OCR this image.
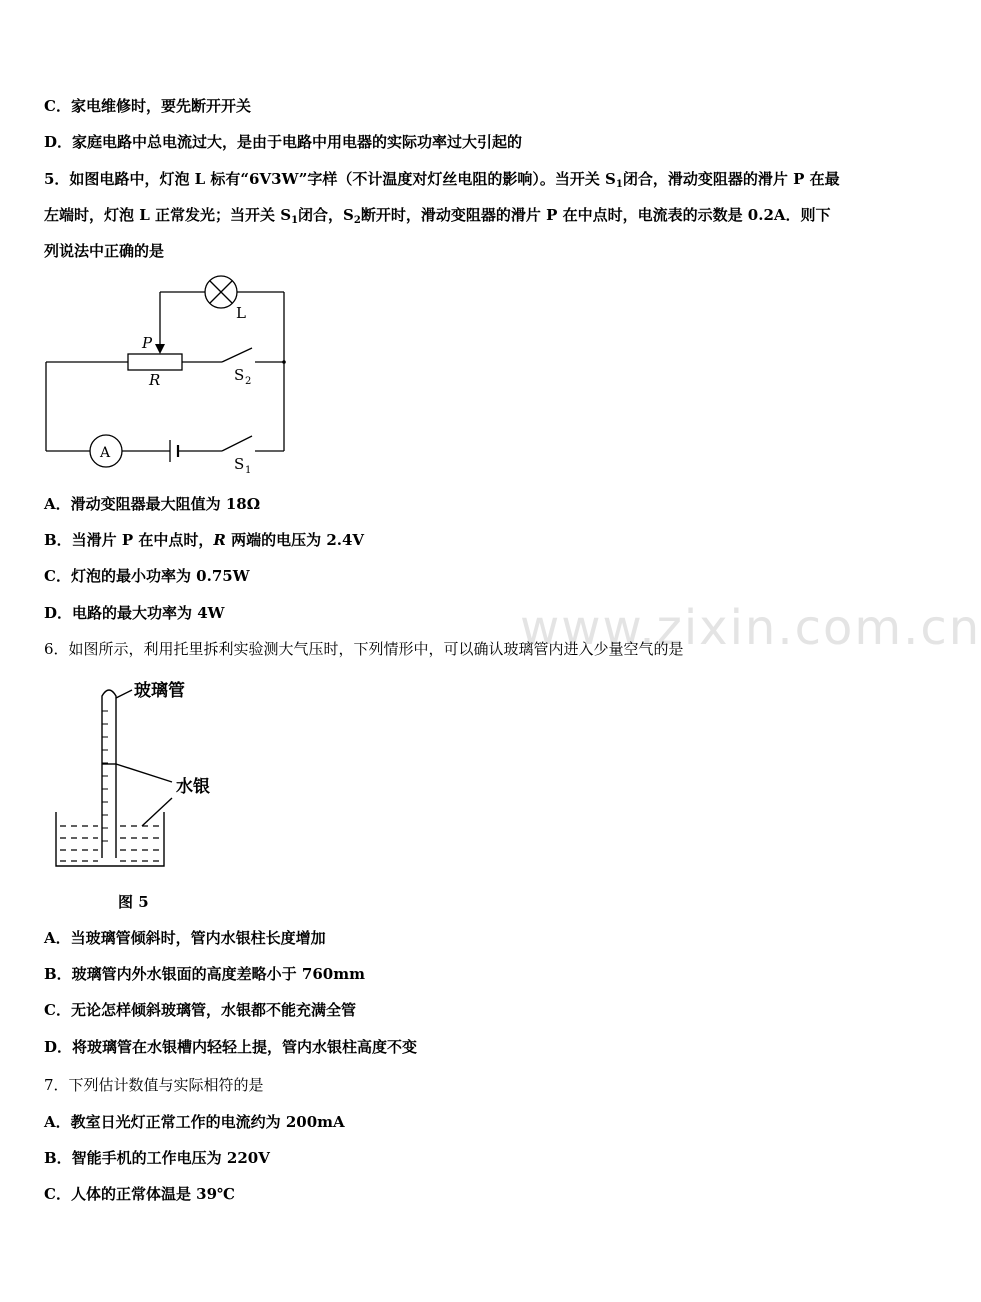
www.zixin.com.cn
C．家电维修时，要先断开开关
D．家庭电路中总电流过大，是由于电路中用电器的实际功率过大引起的
5．如图电路中，灯泡 L 标有“6V3W”字样（不计温度对灯丝电阻的影响）。当开关 $S_1$闭合，滑动变阻器的滑片 P 在最
左端时，灯泡 L 正常发光；当开关 $S_1$闭合，$S_2$断开时，滑动变阻器的滑片 P 在中点时，电流表的示数是 0.2A．则下
列说法中正确的是
L
P
R	S 2
A
S 1
A．滑动变阻器最大阻值为 18Ω
B．当滑片 P 在中点时，R 两端的电压为 2.4V
C．灯泡的最小功率为 0.75W
D．电路的最大功率为 4W
6．如图所示，利用托里拆利实验测大气压时，下列情形中，可以确认玻璃管内进入少量空气的是
玻璃管
水银
图 5
A．当玻璃管倾斜时，管内水银柱长度增加
B．玻璃管内外水银面的高度差略小于 760mm
C．无论怎样倾斜玻璃管，水银都不能充满全管
D．将玻璃管在水银槽内轻轻上提，管内水银柱高度不变
7．下列估计数值与实际相符的是
A．教室日光灯正常工作的电流约为 200mA
B．智能手机的工作电压为 220V
C．人体的正常体温是 39℃
